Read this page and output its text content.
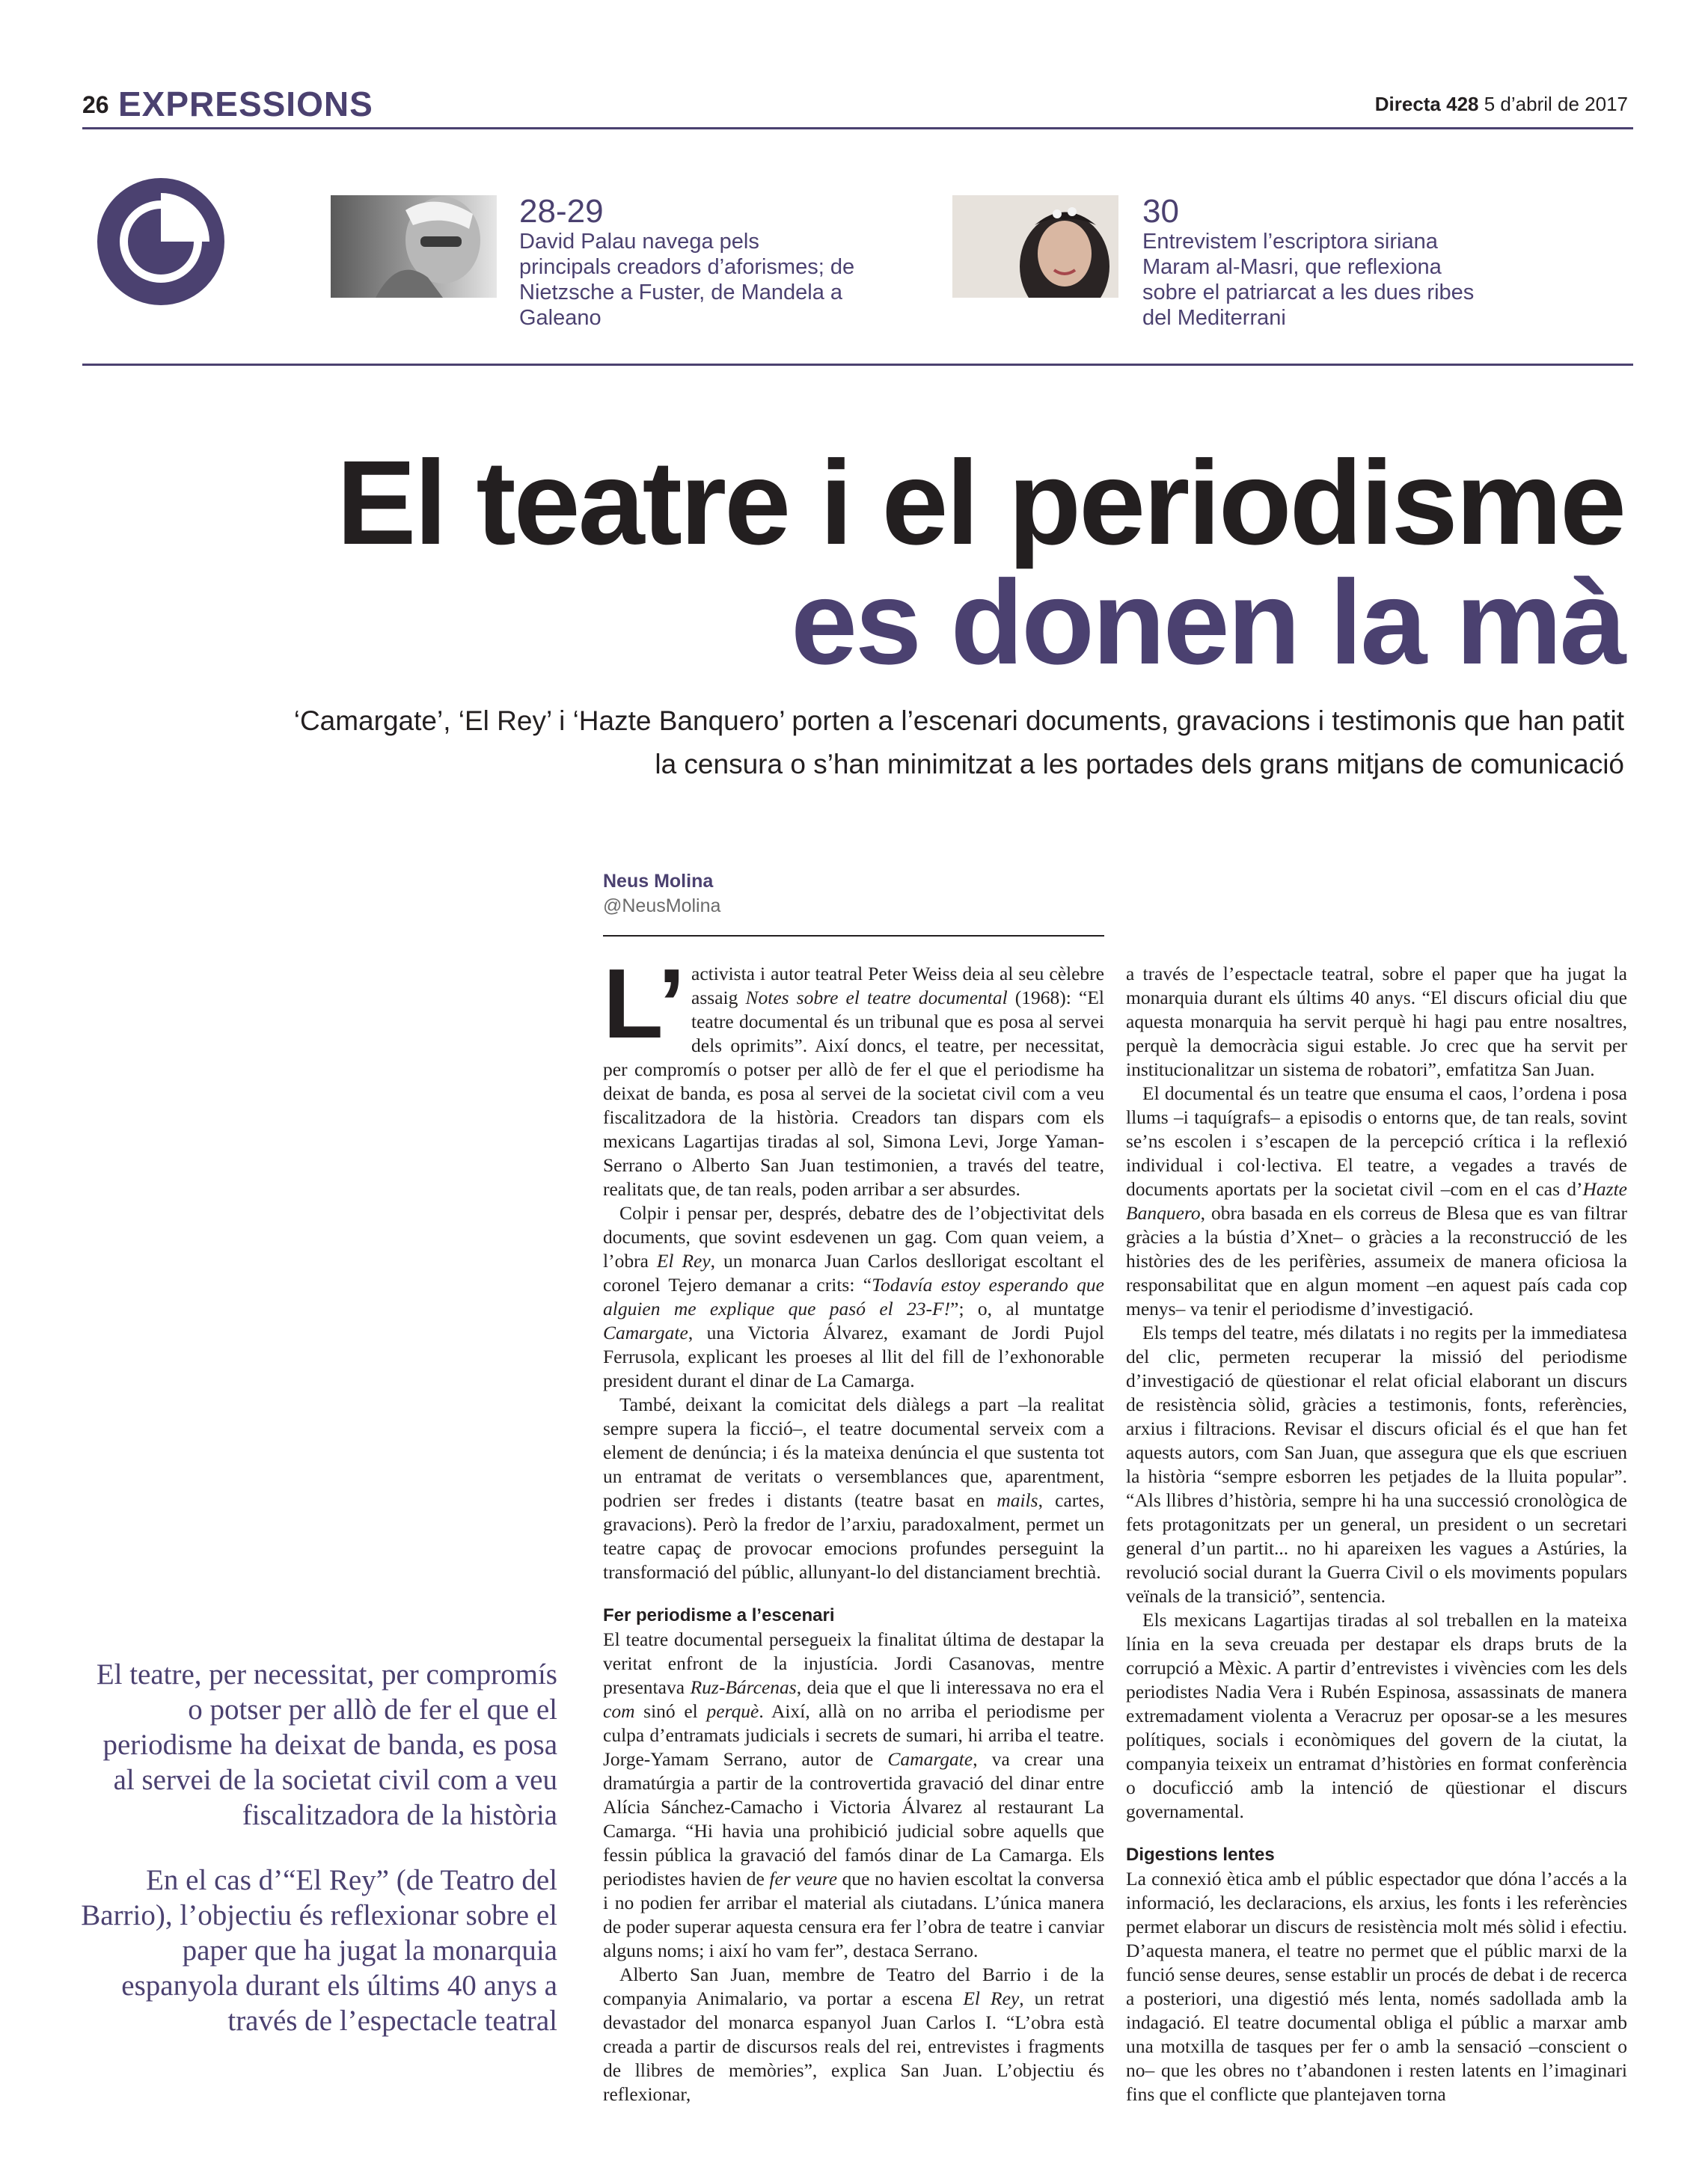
26 EXPRESSIONS	Directa 428 5 d’abril de 2017
28-29
David Palau navega pels principals creadors d’aforismes; de Nietzsche a Fuster, de Mandela a Galeano
30
Entrevistem l’escriptora siriana Maram al-Masri, que reflexiona sobre el patriarcat a les dues ribes del Mediterrani
El teatre i el periodisme
es donen la mà
‘Camargate’, ‘El Rey’ i ‘Hazte Banquero’ porten a l’escenari documents, gravacions i testimonis que han patit la censura o s’han minimitzat a les portades dels grans mitjans de comunicació
Neus Molina
@NeusMolina
El teatre, per necessitat, per compromís o potser per allò de fer el que el periodisme ha deixat de banda, es posa al servei de la societat civil com a veu fiscalitzadora de la història
En el cas d’“El Rey” (de Teatro del Barrio), l’objectiu és reflexionar sobre el paper que ha jugat la monarquia espanyola durant els últims 40 anys a través de l’espectacle teatral

L’ activista i autor teatral Peter Weiss deia al seu cèlebre assaig Notes sobre el teatre documental (1968): “El teatre documental és un tribunal que es posa al servei dels oprimits”. Així doncs, el teatre, per necessitat, per compromís o potser per allò de fer el que el periodisme ha deixat de banda, es posa al servei de la societat civil com a veu fiscalitzadora de la història. Creadors tan dispars com els mexicans Lagartijas tiradas al sol, Simona Levi, Jorge Yaman-Serrano o Alberto San Juan testimonien, a través del teatre, realitats que, de tan reals, poden arribar a ser absurdes.

Colpir i pensar per, després, debatre des de l’objectivitat dels documents, que sovint esdevenen un gag. Com quan veiem, a l’obra El Rey, un monarca Juan Carlos desllorigat escoltant el coronel Tejero demanar a crits: “Todavía estoy esperando que alguien me explique que pasó el 23-F!”; o, al muntatge Camargate, una Victoria Álvarez, examant de Jordi Pujol Ferrusola, explicant les proeses al llit del fill de l’exhonorable president durant el dinar de La Camarga.

També, deixant la comicitat dels diàlegs a part –la realitat sempre supera la ficció–, el teatre documental serveix com a element de denúncia; i és la mateixa denúncia el que sustenta tot un entramat de veritats o versemblances que, aparentment, podrien ser fredes i distants (teatre basat en mails, cartes, gravacions). Però la fredor de l’arxiu, paradoxalment, permet un teatre capaç de provocar emocions profundes perseguint la transformació del públic, allunyant-lo del distanciament brechtià.

Fer periodisme a l’escenari

El teatre documental persegueix la finalitat última de destapar la veritat enfront de la injustícia. Jordi Casanovas, mentre presentava Ruz-Bárcenas, deia que el que li interessava no era el com sinó el perquè. Així, allà on no arriba el periodisme per culpa d’entramats judicials i secrets de sumari, hi arriba el teatre. Jorge-Yamam Serrano, autor de Camargate, va crear una dramatúrgia a partir de la controvertida gravació del dinar entre Alícia Sánchez-Camacho i Victoria Álvarez al restaurant La Camarga. “Hi havia una prohibició judicial sobre aquells que fessin pública la gravació del famós dinar de La Camarga. Els periodistes havien de fer veure que no havien escoltat la conversa i no podien fer arribar el material als ciutadans. L’única manera de poder superar aquesta censura era fer l’obra de teatre i canviar alguns noms; i així ho vam fer”, destaca Serrano.

Alberto San Juan, membre de Teatro del Barrio i de la companyia Animalario, va portar a escena El Rey, un retrat devastador del monarca espanyol Juan Carlos I. “L’obra està creada a partir de discursos reals del rei, entrevistes i fragments de llibres de memòries”, explica San Juan. L’objectiu és reflexionar,

a través de l’espectacle teatral, sobre el paper que ha jugat la monarquia durant els últims 40 anys. “El discurs oficial diu que aquesta monarquia ha servit perquè hi hagi pau entre nosaltres, perquè la democràcia sigui estable. Jo crec que ha servit per institucionalitzar un sistema de robatori”, emfatitza San Juan.

El documental és un teatre que ensuma el caos, l’ordena i posa llums –i taquígrafs– a episodis o entorns que, de tan reals, sovint se’ns escolen i s’escapen de la percepció crítica i la reflexió individual i col·lectiva. El teatre, a vegades a través de documents aportats per la societat civil –com en el cas d’Hazte Banquero, obra basada en els correus de Blesa que es van filtrar gràcies a la bústia d’Xnet– o gràcies a la reconstrucció de les històries des de les perifèries, assumeix de manera oficiosa la responsabilitat que en algun moment –en aquest país cada cop menys– va tenir el periodisme d’investigació.

Els temps del teatre, més dilatats i no regits per la immediatesa del clic, permeten recuperar la missió del periodisme d’investigació de qüestionar el relat oficial elaborant un discurs de resistència sòlid, gràcies a testimonis, fonts, referències, arxius i filtracions. Revisar el discurs oficial és el que han fet aquests autors, com San Juan, que assegura que els que escriuen la història “sempre esborren les petjades de la lluita popular”. “Als llibres d’història, sempre hi ha una successió cronològica de fets protagonitzats per un general, un president o un secretari general d’un partit... no hi apareixen les vagues a Astúries, la revolució social durant la Guerra Civil o els moviments populars veïnals de la transició”, sentencia.

Els mexicans Lagartijas tiradas al sol treballen en la mateixa línia en la seva creuada per destapar els draps bruts de la corrupció a Mèxic. A partir d’entrevistes i vivències com les dels periodistes Nadia Vera i Rubén Espinosa, assassinats de manera extremadament violenta a Veracruz per oposar-se a les mesures polítiques, socials i econòmiques del govern de la ciutat, la companyia teixeix un entramat d’històries en format conferència o docuficció amb la intenció de qüestionar el discurs governamental.

Digestions lentes

La connexió ètica amb el públic espectador que dóna l’accés a la informació, les declaracions, els arxius, les fonts i les referències permet elaborar un discurs de resistència molt més sòlid i efectiu. D’aquesta manera, el teatre no permet que el públic marxi de la funció sense deures, sense establir un procés de debat i de recerca a posteriori, una digestió més lenta, només sadollada amb la indagació. El teatre documental obliga el públic a marxar amb una motxilla de tasques per fer o amb la sensació –conscient o no– que les obres no t’abandonen i resten latents en l’imaginari fins que el conflicte que plantejaven torna
